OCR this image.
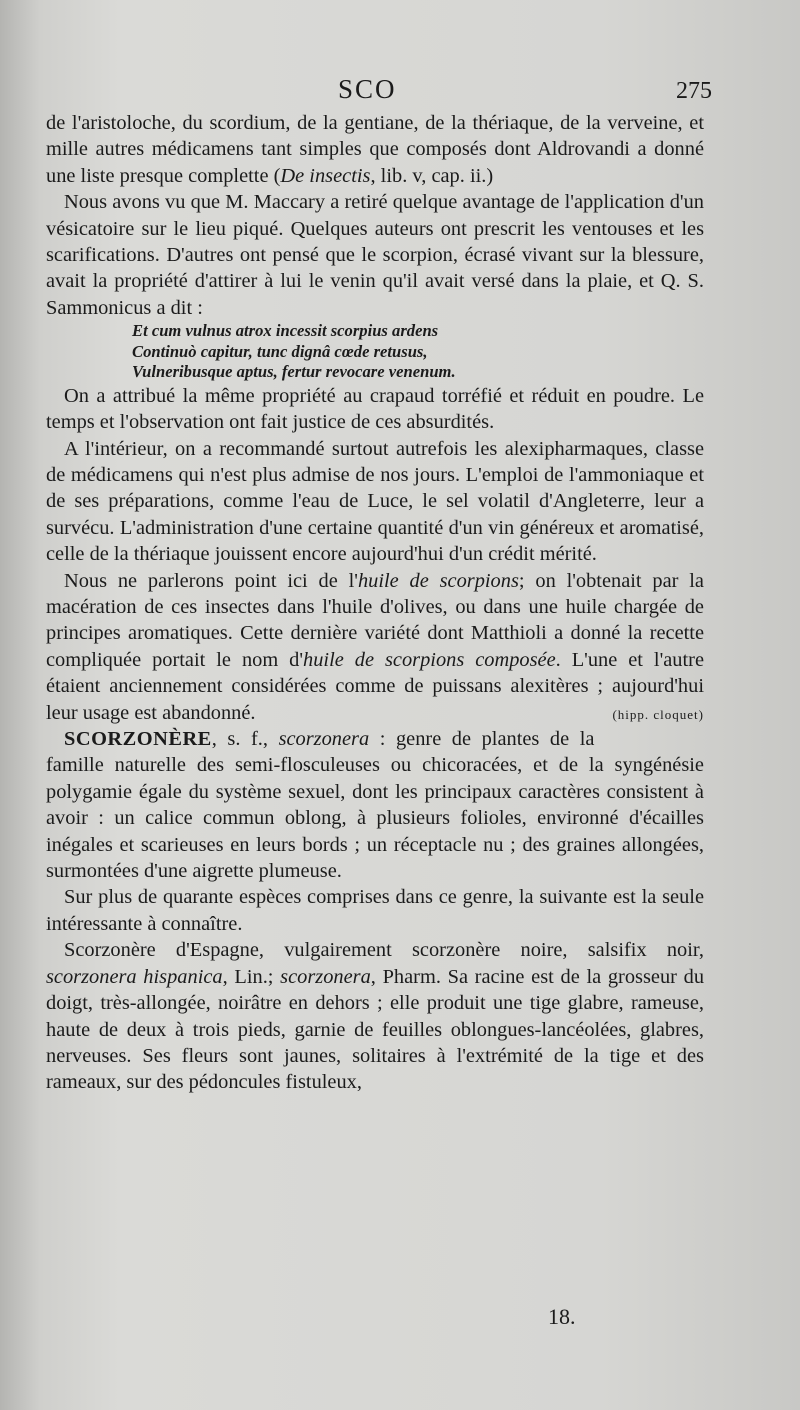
SCO	275

de l'aristoloche, du scordium, de la gentiane, de la thériaque, de la verveine, et mille autres médicamens tant simples que composés dont Aldrovandi a donné une liste presque complette (De insectis, lib. v, cap. ii.)

Nous avons vu que M. Maccary a retiré quelque avantage de l'application d'un vésicatoire sur le lieu piqué. Quelques auteurs ont prescrit les ventouses et les scarifications. D'autres ont pensé que le scorpion, écrasé vivant sur la blessure, avait la propriété d'attirer à lui le venin qu'il avait versé dans la plaie, et Q. S. Sammonicus a dit :

Et cum vulnus atrox incessit scorpius ardens
Continuò capitur, tunc dignâ cœde retusus,
Vulneribusque aptus, fertur revocare venenum.

On a attribué la même propriété au crapaud torréfié et réduit en poudre. Le temps et l'observation ont fait justice de ces absurdités.

A l'intérieur, on a recommandé surtout autrefois les alexipharmaques, classe de médicamens qui n'est plus admise de nos jours. L'emploi de l'ammoniaque et de ses préparations, comme l'eau de Luce, le sel volatil d'Angleterre, leur a survécu. L'administration d'une certaine quantité d'un vin généreux et aromatisé, celle de la thériaque jouissent encore aujourd'hui d'un crédit mérité.

Nous ne parlerons point ici de l'huile de scorpions; on l'obtenait par la macération de ces insectes dans l'huile d'olives, ou dans une huile chargée de principes aromatiques. Cette dernière variété dont Matthioli a donné la recette compliquée portait le nom d'huile de scorpions composée. L'une et l'autre étaient anciennement considérées comme de puissans alexitères ; aujourd'hui leur usage est abandonné.	(hipp. cloquet)

SCORZONÈRE, s. f., scorzonera : genre de plantes de la famille naturelle des semi-flosculeuses ou chicoracées, et de la syngénésie polygamie égale du système sexuel, dont les principaux caractères consistent à avoir : un calice commun oblong, à plusieurs folioles, environné d'écailles inégales et scarieuses en leurs bords ; un réceptacle nu ; des graines allongées, surmontées d'une aigrette plumeuse.

Sur plus de quarante espèces comprises dans ce genre, la suivante est la seule intéressante à connaître.

Scorzonère d'Espagne, vulgairement scorzonère noire, salsifix noir, scorzonera hispanica, Lin.; scorzonera, Pharm. Sa racine est de la grosseur du doigt, très-allongée, noirâtre en dehors ; elle produit une tige glabre, rameuse, haute de deux à trois pieds, garnie de feuilles oblongues-lancéolées, glabres, nerveuses. Ses fleurs sont jaunes, solitaires à l'extrémité de la tige et des rameaux, sur des pédoncules fistuleux,

18.
